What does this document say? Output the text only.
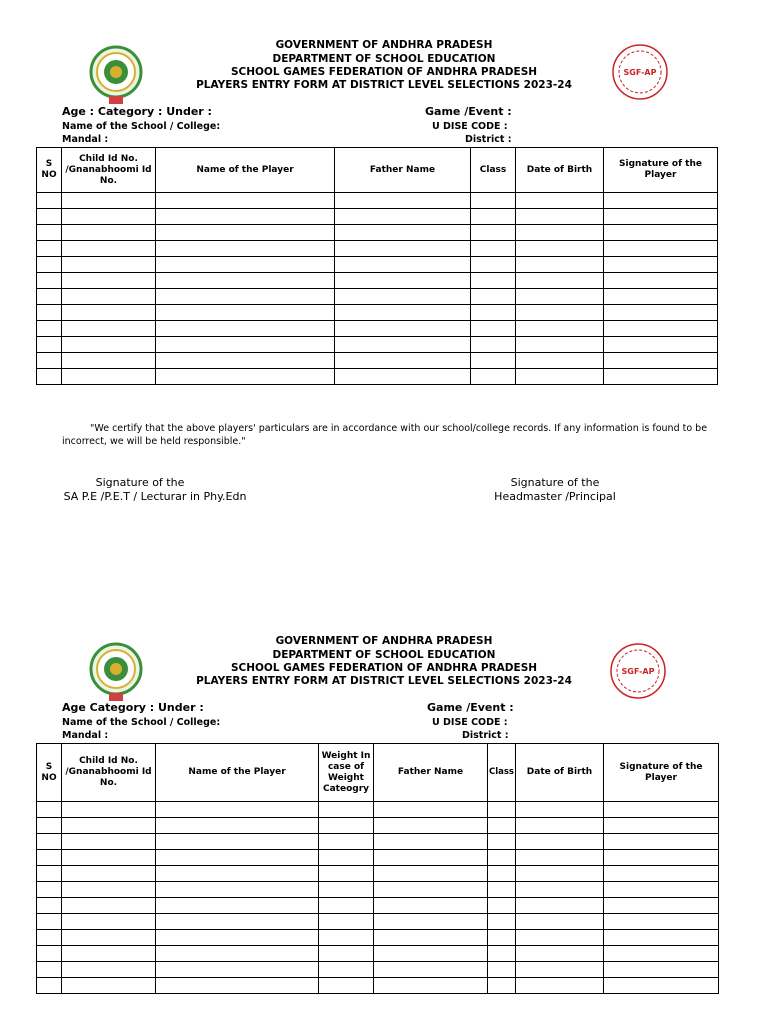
SGF-AP
GOVERNMENT OF ANDHRA PRADESH
DEPARTMENT OF SCHOOL EDUCATION
SCHOOL GAMES FEDERATION OF ANDHRA PRADESH
PLAYERS ENTRY FORM AT DISTRICT LEVEL SELECTIONS 2023-24
Age : Category : Under :	Game /Event :
Name of the School / College:	U DISE CODE :
Mandal :	District :
S NO	Child Id No. /Gnanabhoomi Id No.	Name of the Player	Father Name	Class	Date of Birth	Signature of the Player

"We certify that the above players' particulars are in accordance with our school/college records. If any information is found to be incorrect, we will be held responsible."
Signature of the
SA P.E /P.E.T / Lecturar in Phy.Edn
Signature of the
Headmaster /Principal
SGF-AP
GOVERNMENT OF ANDHRA PRADESH
DEPARTMENT OF SCHOOL EDUCATION
SCHOOL GAMES FEDERATION OF ANDHRA PRADESH
PLAYERS ENTRY FORM AT DISTRICT LEVEL SELECTIONS 2023-24
Age Category : Under :	Game /Event :
Name of the School / College:	U DISE CODE :
Mandal :	District :
S NO	Child Id No. /Gnanabhoomi Id No.	Name of the Player	Weight In case of Weight Cateogry	Father Name	Class	Date of Birth	Signature of the Player
